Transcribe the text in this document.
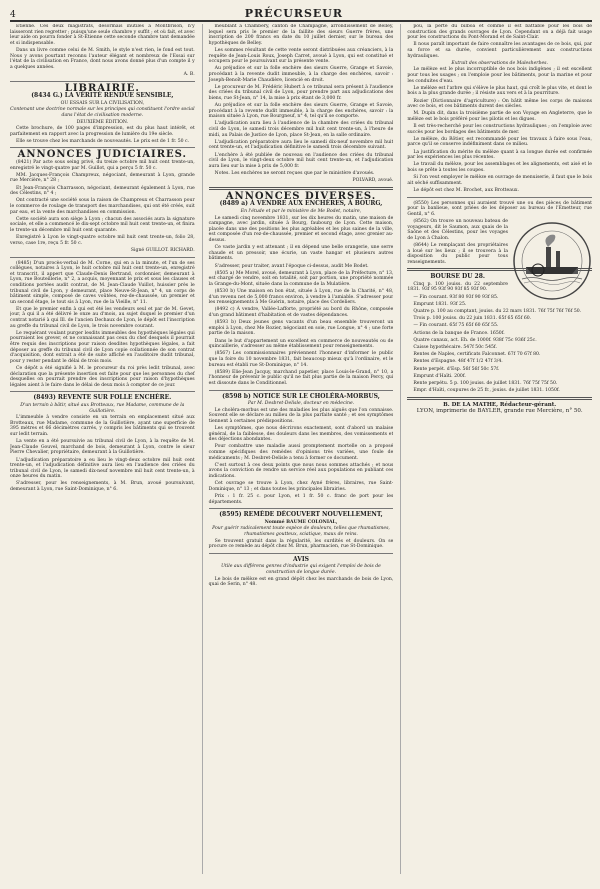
4	PRÉCURSEUR

Étienne. Ces deux magistrats, désormais inutiles à Montbrison, n'y laisseront rien regretter ; puisqu'une seule chambre y suffit ; et où fait, et avec leur aide on pourra fonder à St-Étienne cette seconde chambre tant demandée et si indispensable.

Dans un livre comme celui de M. Smith, le style n'est rien, le fond est tout. Nous y avons pourtant reconnu l'auteur élégant et nombreux de l'Essai sur l'état de la civilisation en France, dont nous avons donné plus d'un compte il y a quelques années.

A. B.

LIBRAIRIE.
(8434 G.) LA VÉRITÉ RENDUE SENSIBLE,
OU ESSAIS SUR LA CIVILISATION,
Contenant une doctrine normale sur les principes qui constituent l'ordre social dans l'état de civilisation moderne.
DEUXIÈME ÉDITION.

Cette brochure, de 100 pages d'impression, est du plus haut intérêt, et parfaitement en rapport avec la progression de lumière du 19e siècle.

Elle se trouve chez les marchands de nouveautés. Le prix est de 1 fr. 50 c.

ANNONCES JUDICIAIRES.

(8421) Par acte sous seing privé, du treize octobre mil huit cent trente-un, enregistré le vingt-quatre par M. Guillot, qui a perçu 5 fr. 50 c.

MM. Jacques-François Champreux, négociant, demeurant à Lyon, grande rue Mercière, n° 28 ;

Et Jean-François Charrasson, négociant, demeurant également à Lyon, rue des Célestins, n° 4 ;

Ont contracté une société sous la raison de Champreux et Charrasson pour le commerce de roulage de transport des marchandises, qui ont été créés, suit par eau, et la vente des marchandises en commission.

Cette société aura son siège à Lyon ; chacun des associés aura la signature sociale, et elle a commencé le dix-sept octobre mil huit cent trente-un, et finira le trente-un décembre mil huit cent quarante.

Enregistré à Lyon le vingt-quatre octobre mil huit cent trente-un, folio 28, verso, case 1re, reçu 5 fr. 50 c.

Signé GUILLOT. RICHARD.

(8485) D'un procès-verbal de M. Corne, qui en a la minute, et l'un de ses collègues, notaires à Lyon, le huit octobre mil huit cent trente-un, enregistré et transcrit, il appert que Claude-Denis Bertrand, cordonnier, demeurant à Lyon, rue Bouteillerie, n° 2, a acquis, moyennant le prix et sous les clauses et conditions portées audit contrat, de M. Jean-Claude Vuillot, huissier près le tribunal civil de Lyon, y demeurant, place Neuve-St-Jean, n° 4, un corps de bâtiment simple, composé de caves voûtées, rez-de-chaussée, un premier et un second étage, le tout sis à Lyon, rue de la Vieille, n° 11.

Et que le premier enfin à qui est été les vendeurs seul et par de M. Gevet, jour, à qui il a été délivré le onze au d'mois, au sujet duquel le premier d'un contrat notarié à qui Ill. de l'ancien Dechaux de Lyon, le dépôt est l'inscription au greffe du tribunal civil de Lyon, le trois novembre courant.

Le requérant voulant purger lesdits immeubles des hypothèques légales qui pourraient les grever, et ne connaissant pas ceux du chef desquels il pourrait être requis des inscriptions pour raison desdites hypothèques légales, a fait déposer au greffe du tribunal civil de Lyon copie collationnée de son contrat d'acquisition, dont extrait a été de suite affiché en l'auditoire dudit tribunal, pour y rester pendant le délai de trois mois.

Ce dépôt a été signifié à M. le procureur du roi près ledit tribunal, avec déclaration que la présente insertion est faite pour que les personnes du chef desquelles on pourrait prendre des inscriptions pour raison d'hypothèques légales aient à le faire dans le délai de deux mois à compter de ce jour.

(8493) REVENTE SUR FOLLE ENCHÈRE.
D'un terrain à bâtir, situé aux Brotteaux, rue Madame, commune de la Guillotière.

L'immeuble à vendre consiste en un terrain en emplacement situé aux Brotteaux, rue Madame, commune de la Guillotière, ayant une superficie de 395 mètres et 66 décimètres carrés, y compris les bâtiments qui se trouvent sur ledit terrain.

La vente en a été poursuivie au tribunal civil de Lyon, à la requête de M. Jean-Claude Gouvel, marchand de bois, demeurant à Lyon, contre le sieur Pierre Chevalier, propriétaire, demeurant à la Guillotière.

L'adjudication préparatoire a eu lieu le vingt-deux octobre mil huit cent trente-un, et l'adjudication définitive aura lieu en l'audience des criées du tribunal civil de Lyon, le samedi dix-neuf novembre mil huit cent trente-un, à onze heures du matin.

S'adresser, pour les renseignements, à M. Brun, avoué poursuivant, demeurant à Lyon, rue Saint-Dominique, n° 6.

meublant à Chambéry, canton de Champagne, arrondissement de Belley, lequel sera pris le premier de la faillite des sieurs Guerre frères, une inscription de 200 francs en date du 10 juillet dernier, sur le bureau des hypothèques de Belley.

Les sommes résultant de cette vente seront distribuées aux créanciers, à la requête de Jean-Louis Roux, Joseph Carret, avoué à Lyon, qui est constitué et occupera pour le poursuivant sur la présente vente.

Au préjudice et sur la folle enchère des sieurs Guerre, Grange et Savoie, procédant à la revente dudit immeuble, à la charge des enchères, savoir : Joseph-Benoît-Marie Chaudière, licencié en droit.

Le procureur de M. Frédéric Hubert à ce tribunal sera présent à l'audience des criées du tribunal civil de Lyon, pour prendre part aux adjudications des biens, rue St-Jean, n° 14, la mise à prix étant de 3,000 fr.

Au préjudice et sur la folle enchère des sieurs Guerre, Grange et Savoie, procédant à la revente dudit immeuble, à la charge des enchères, savoir : la maison située à Lyon, rue Bourgneuf, n° 4, tel qu'il se comporte.

L'adjudication aura lieu à l'audience de la chambre des criées du tribunal civil de Lyon, le samedi trois décembre mil huit cent trente-un, à l'heure de midi, au Palais de Justice de Lyon, place St-Jean, en la salle ordinaire.

L'adjudication préparatoire aura lieu le samedi dix-neuf novembre mil huit cent trente-un, et l'adjudication définitive le samedi trois décembre suivant.

L'enchère à été publiée de nouveau en l'audience des criées du tribunal civil de Lyon, le vingt-deux octobre mil huit cent trente-un, et l'adjudication aura lieu sur la mise à prix de 5,000 fr.

Notes. Les enchères ne seront reçues que par le ministère d'avoués.

POLVARD, avoué.

ANNONCES DIVERSES.
(8489 a) À VENDRE AUX ENCHÈRES, À BOURG,
En l'étude et par le ministère de Me Bodet, notaire,

Le samedi cinq novembre 1831, sur les dix heures du matin, une maison de campagne, avec jardin, située à Bourg, faubourg de Lyon. Cette maison, placée dans une des positions les plus agréables et les plus saines de la ville, est composée d'un rez-de-chaussée, premier et second étage, avec grenier au-dessus.

Ce vaste jardin y est attenant ; il en dépend une belle orangerie, une serre chaude et un pressoir, une écurie, un vaste hangar et plusieurs autres bâtiments.

S'adresser, pour traiter, avant l'époque ci-dessus, audit Me Bodet.

(8505 a) Me Morel, avoué, demeurant à Lyon, place de la Préfecture, n° 13, est chargé de vendre, soit en totalité, soit par portion, une propriété nommée la Grange-du-Mont, située dans la commune de la Mulatière.

(8530 b) Une maison en bon état, située à Lyon, rue de la Charité, n° 48, d'un revenu net de 5,000 francs environ, à vendre à l'amiable. S'adresser pour les renseignements à Me Guérin, notaire, place des Cordeliers.

(8492 c) À vendre, Vallée-Lafforte, propriété au bord du Rhône, composée d'un grand bâtiment d'habitation et de vastes dépendances.

(8593 b) Deux jeunes gens vacants d'un beau ensemble trouveront un emploi à Lyon, chez Me Rozier, négociant en soie, rue Longue, n° 4 ; une forte partie de la maison.

Dans le but d'appartement un excellent en commerce de nouveautés ou de quincaillerie, s'adresser au même établissement pour renseignements.

(8567) Les commissionnaires préviennent l'honneur d'informer le public que la foire du 10 novembre 1831, fait beaucoup mieux qu'à l'ordinaire, et le bureau est établi rue St-Dominique, n° 14.

(8589) Elie-Jean Jacquy, marchand papetier, place Louis-le-Grand, n° 10, a l'honneur de prévenir le public qu'il ne fait plus partie de la maison Percy, qui est dissoute dans le Conditionnel.

(8598 b) NOTICE SUR LE CHOLÉRA-MORBUS,
Par M. Desbret-Delisle, docteur en médecine.

Le choléra-morbus est une des maladies les plus aiguës que l'on connaisse. Souvent elle se déclare au milieu de la plus parfaite santé ; et ses symptômes tiennent à certaines prédispositions.

Les symptômes, que nous décrirons exactement, sont d'abord un malaise général, de la faiblesse, des douleurs dans les membres, des vomissements et des déjections abondantes.

Pour combattre une maladie aussi promptement mortelle on a proposé comme spécifiques des remèdes d'opinions très variées, une foule de médicaments ; M. Desbret-Delisle a tenu à former ce document.

C'est surtout à ces deux points que nous nous sommes attachés ; et nous avons la conviction de rendre un service réel aux populations en publiant ces indications.

Cet ouvrage se trouve à Lyon, chez Ayné frères, libraires, rue Saint-Dominique, n° 13 ; et dans toutes les principales librairies.

Prix : 1 fr. 25 c. pour Lyon, et 1 fr. 50 c. franc de port pour les départements.

(8595) REMÈDE DÉCOUVERT NOUVELLEMENT,
Nommé BAUME COLONIAL,
Pour guérir radicalement toute espèce de douleurs, telles que rhumatismes, rhumatismes goutteux, sciatique, maux de reins.

Se trouvent gratuit dans la régularité, les surdités et douleurs. On se procure ce remède au dépôt chez M. Brun, pharmacien, rue St-Dominique.

AVIS
Utile aux différens genres d'industrie qui exigent l'emploi de bois de construction de longue durée.

Le bois de mélèze est en grand dépôt chez les marchands de bois de Lyon, quai de Serin, n° 48.

pou, la perte du bilboa et comme il est battable pour les bois de construction des grands ouvrages de Lyon. Cependant on a déjà fait usage pour les constructions du Pont-Morand et de Saint-Clair.

Il nous paraît important de faire connaître les avantages de ce bois, qui, par sa force et sa durée, convient particulièrement aux constructions hydrauliques.

Extrait des observations de Malesherbes.

Le mélèze est le plus incorruptible de nos bois indigènes ; il est excellent pour tous les usages ; on l'emploie pour les bâtiments, pour la marine et pour les conduites d'eau.

Le mélèze est l'arbre qui s'élève le plus haut, qui croît le plus vite, et dont le bois a la plus grande durée ; il résiste aux vers et à la pourriture.

Rozier (Dictionnaire d'agriculture) : On bâtit même les corps de maisons avec ce bois, et ces bâtiments durent des siècles.

M. Dupin dit, dans la troisième partie de son Voyage en Angleterre, que le mélèze est le bois préféré pour les pilotis et les digues.

Il est très-recherché pour les constructions hydrauliques ; on l'emploie avec succès pour les bordages des bâtiments de mer.

Le mélèze, du Rôtier, est recommandé pour les travaux à faire sous l'eau, parce qu'il se conserve indéfiniment dans ce milieu.

La justification du mérite du mélèze quant à sa longue durée est confirmée par les expériences les plus récentes.

Le travail du mélèze, pour les assemblages et les alignements, est aisé et le bois se prête à toutes les coupes.

Si l'on veut employer le mélèze en ouvrage de menuiserie, il faut que le bois ait séché suffisamment.

Le dépôt est chez M. Brochet, aux Brotteaux.

(8550) Les personnes qui auraient trouvé une ou des pièces de bâtiment pour la banlieue, sont priées de les déposer au bureau de l'Émetteur, rue Gentil, n° 6.

(8562) On trouve un nouveau bateau de voyageurs, dit le Saumon, aux quais de la Saône et des Célestins, pour les voyages de Lyon à Chalon.

(8644) Le remplaçant des propriétaires a loué sur les lieux ; il se trouvera à la disposition du public pour tous renseignements.

BOURSE DU 28.

Cinq p. 100 jouiss. du 22 septembre 1831. 93f 95 93f 90 93f 85 93f 90.

— Fin courant. 93f 80 93f 90 93f 85.

Emprunt 1831. 93f 25.

Quatre p. 100 au comptant, jouiss. du 22 mars 1831. 76f 75f 76f 76f 50.

Trois p. 100 jouiss. du 22 juin 1831. 65f 65 65f 60.

— Fin courant. 65f 75 65f 60 65f 55.

Actions de la banque de France. 1650f.

Quatre canaux, act. Eh. de 1000f. 938f 75c 936f 25c.

Caisse hypothécaire. 547f 50c 545f.

Rentes de Naples, certificats Falconnet. 67f 70 67f 80.

Rentes d'Espagne. 48f 47f 1/2 47f 3/4.

Rente perpét. d'Esp. 56f 56f 50c 57f.

Emprunt d'Haïti. 200f.

Rente perpétu. 5 p. 100 jouiss. de juillet 1831. 76f 75f 75f 50.

Empr. d'Haïti, coupures de 25 fr., jouiss. de juillet 1831. 1050f.

B. DE LA MATHE, Rédacteur-gérant.
LYON, imprimerie de BAYLER, grande rue Mercière, n° 50.
